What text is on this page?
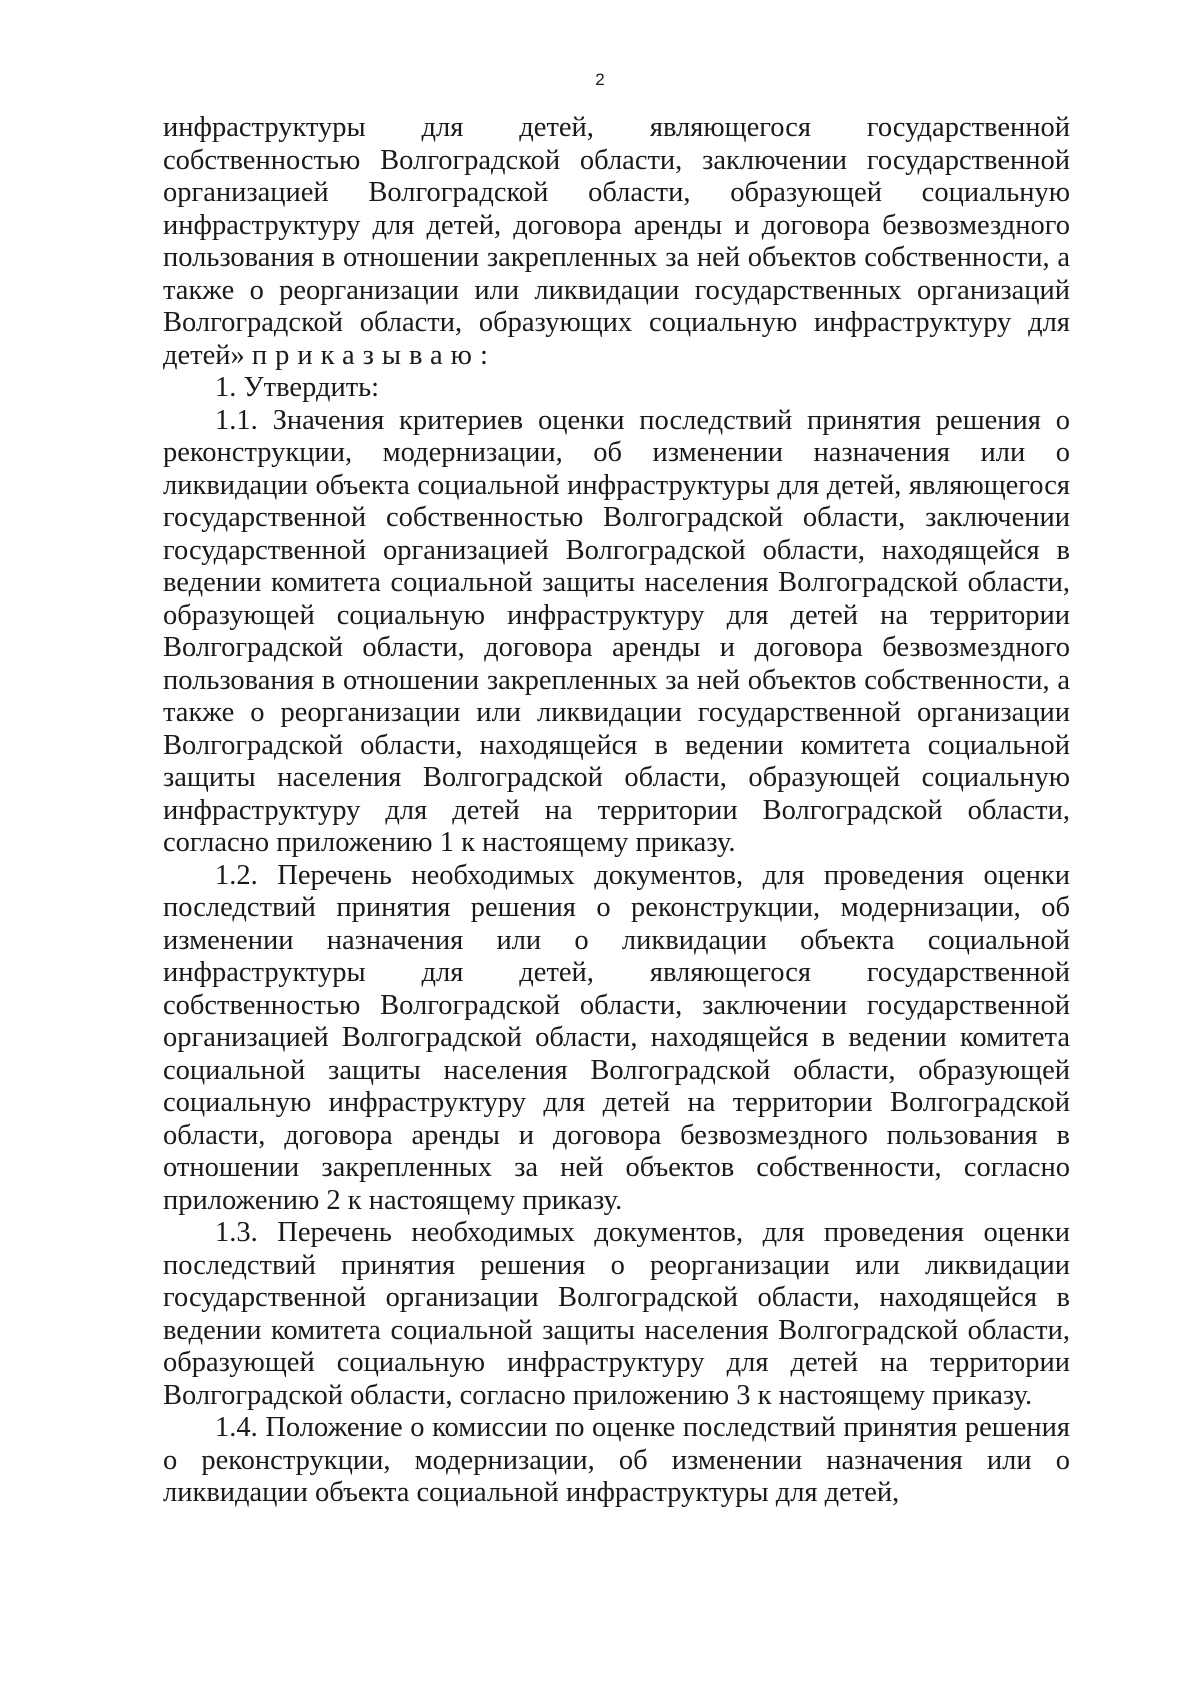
2

инфраструктуры для детей, являющегося государственной собственностью Волгоградской области, заключении государственной организацией Волгоградской области, образующей социальную инфраструктуру для детей, договора аренды и договора безвозмездного пользования в отношении закрепленных за ней объектов собственности, а также о реорганизации или ликвидации государственных организаций Волгоградской области, образующих социальную инфраструктуру для детей» приказываю:

1. Утвердить:

1.1. Значения критериев оценки последствий принятия решения о реконструкции, модернизации, об изменении назначения или о ликвидации объекта социальной инфраструктуры для детей, являющегося государственной собственностью Волгоградской области, заключении государственной организацией Волгоградской области, находящейся в ведении комитета социальной защиты населения Волгоградской области, образующей социальную инфраструктуру для детей на территории Волгоградской области, договора аренды и договора безвозмездного пользования в отношении закрепленных за ней объектов собственности, а также о реорганизации или ликвидации государственной организации Волгоградской области, находящейся в ведении комитета социальной защиты населения Волгоградской области, образующей социальную инфраструктуру для детей на территории Волгоградской области, согласно приложению 1 к настоящему приказу.

1.2. Перечень необходимых документов, для проведения оценки последствий принятия решения о реконструкции, модернизации, об изменении назначения или о ликвидации объекта социальной инфраструктуры для детей, являющегося государственной собственностью Волгоградской области, заключении государственной организацией Волгоградской области, находящейся в ведении комитета социальной защиты населения Волгоградской области, образующей социальную инфраструктуру для детей на территории Волгоградской области, договора аренды и договора безвозмездного пользования в отношении закрепленных за ней объектов собственности, согласно приложению 2 к настоящему приказу.

1.3. Перечень необходимых документов, для проведения оценки последствий принятия решения о реорганизации или ликвидации государственной организации Волгоградской области, находящейся в ведении комитета социальной защиты населения Волгоградской области, образующей социальную инфраструктуру для детей на территории Волгоградской области, согласно приложению 3 к настоящему приказу.

1.4. Положение о комиссии по оценке последствий принятия решения о реконструкции, модернизации, об изменении назначения или о ликвидации объекта социальной инфраструктуры для детей,
